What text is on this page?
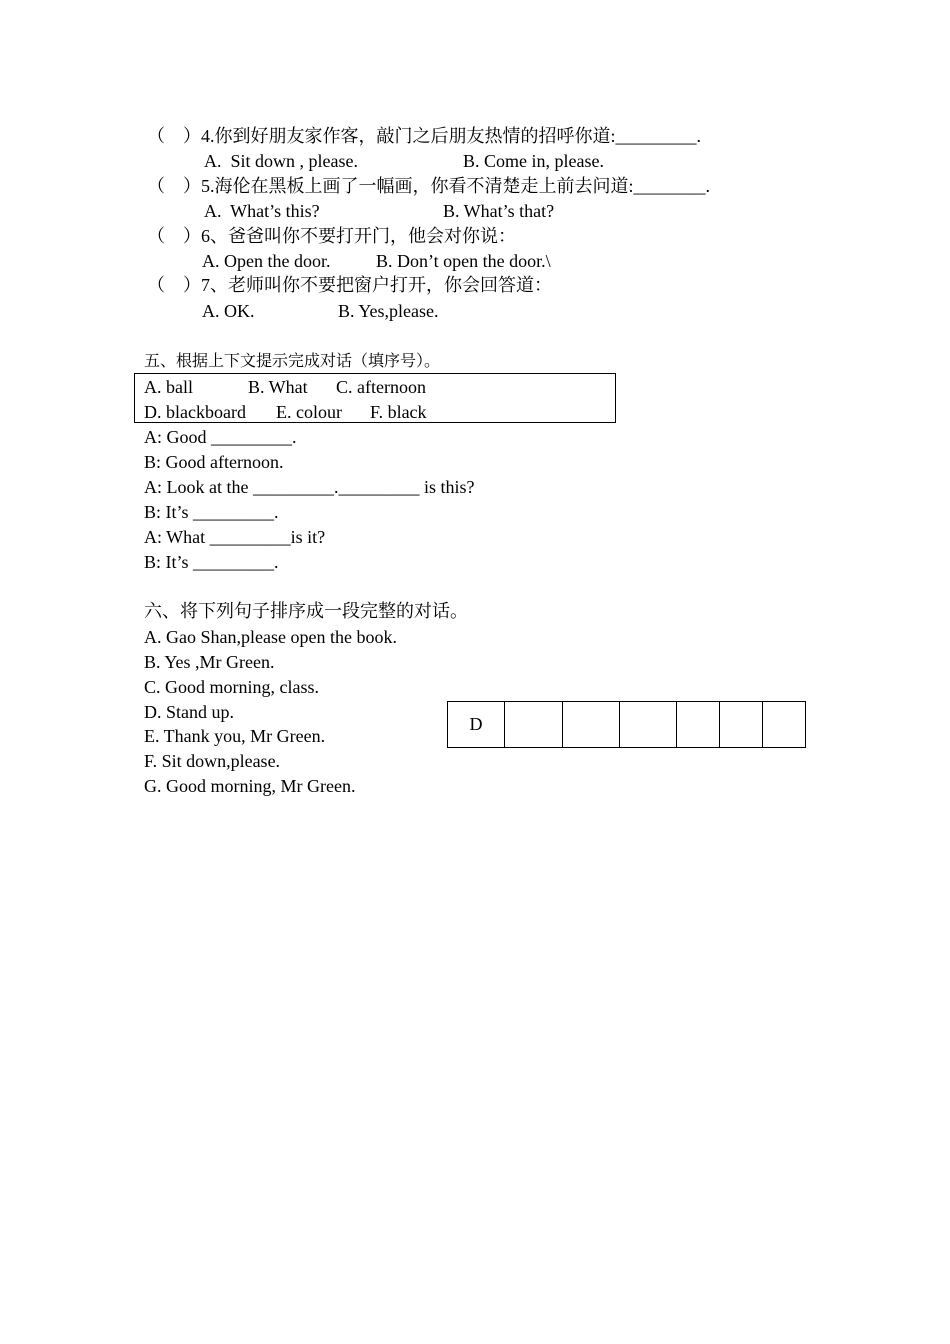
（　）4.你到好朋友家作客，敲门之后朋友热情的招呼你道:_________.
A.  Sit down , please.	B. Come in, please.
（　）5.海伦在黑板上画了一幅画，你看不清楚走上前去问道:________.
A.  What’s this?	B. What’s that?
（　）6、爸爸叫你不要打开门，他会对你说：
A. Open the door.	B. Don’t open the door.\
（　）7、老师叫你不要把窗户打开，你会回答道：
A. OK.	B. Yes,please.
五、根据上下文提示完成对话（填序号）。
A. ball	B. What C. afternoon
D. blackboard E. colour F. black
A: Good _________.
B: Good afternoon.
A: Look at the _________._________ is this?
B: It’s _________.
A: What _________is it?
B: It’s _________.
六、将下列句子排序成一段完整的对话。
A. Gao Shan,please open the book.
B. Yes ,Mr Green.
C. Good morning, class.
D. Stand up.
E. Thank you, Mr Green.
F. Sit down,please.
G. Good morning, Mr Green.
D						
